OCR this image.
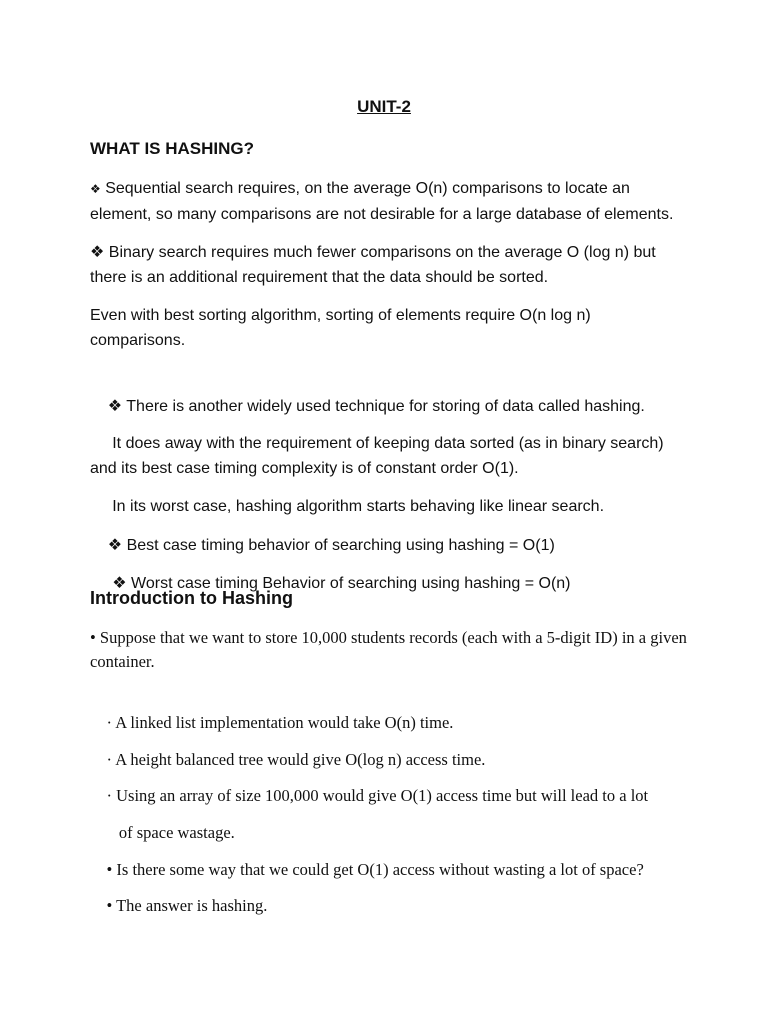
UNIT-2

WHAT IS HASHING?

❖ Sequential search requires, on the average O(n) comparisons to locate an element, so many comparisons are not desirable for a large database of elements.

❖ Binary search requires much fewer comparisons on the average O (log n) but there is an additional requirement that the data should be sorted.

Even with best sorting algorithm, sorting of elements require O(n log n) comparisons.

❖ There is another widely used technique for storing of data called hashing.

It does away with the requirement of keeping data sorted (as in binary search) and its best case timing complexity is of constant order O(1).

In its worst case, hashing algorithm starts behaving like linear search.

❖ Best case timing behavior of searching using hashing = O(1)

❖ Worst case timing Behavior of searching using hashing = O(n)

Introduction to Hashing

• Suppose that we want to store 10,000 students records (each with a 5-digit ID) in a given container.

· A linked list implementation would take O(n) time.

· A height balanced tree would give O(log n) access time.

· Using an array of size 100,000 would give O(1) access time but will lead to a lot

of space wastage.

• Is there some way that we could get O(1) access without wasting a lot of space?

• The answer is hashing.
